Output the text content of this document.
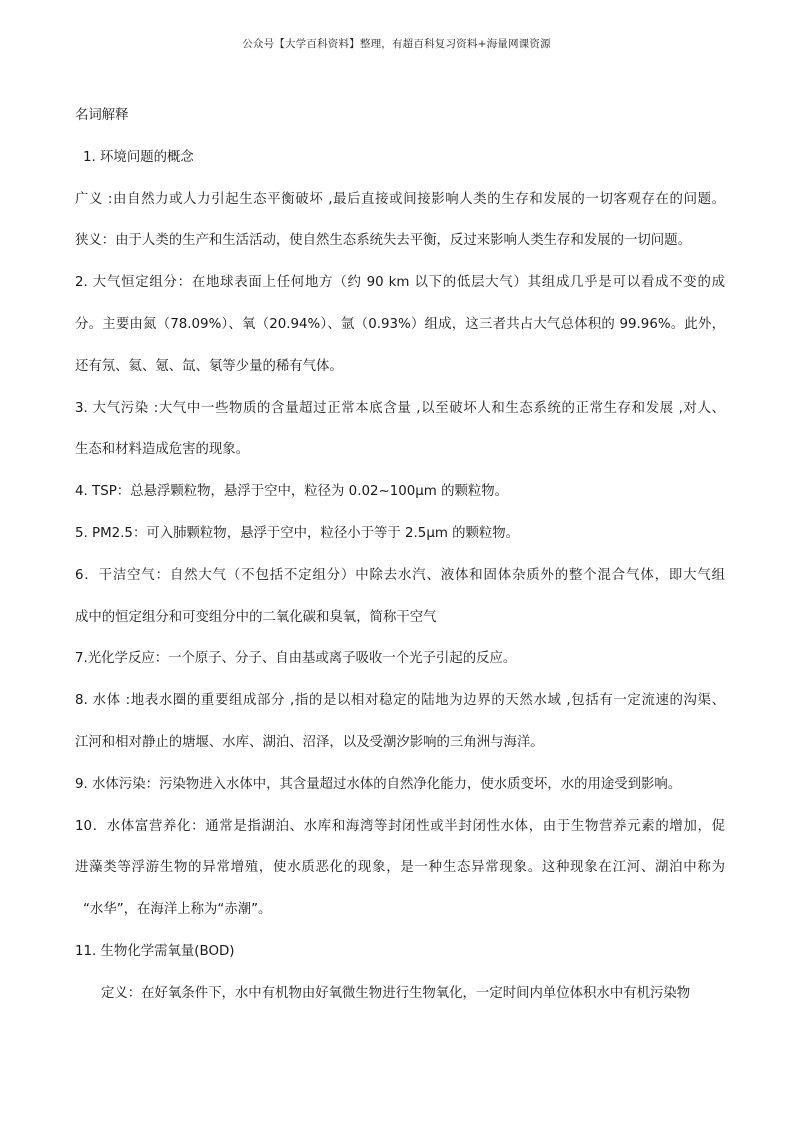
公众号【大学百科资料】整理，有超百科复习资料+海量网课资源

名词解释

1. 环境问题的概念

广义 :由自然力或人力引起生态平衡破坏 ,最后直接或间接影响人类的生存和发展的一切客观存在的问题。

狭义：由于人类的生产和生活活动，使自然生态系统失去平衡，反过来影响人类生存和发展的一切问题。

2. 大气恒定组分：在地球表面上任何地方（约 90 km 以下的低层大气）其组成几乎是可以看成不变的成

分。主要由氮（78.09%）、氧（20.94%）、氩（0.93%）组成，这三者共占大气总体积的 99.96%。此外，

还有氖、氦、氪、氙、氡等少量的稀有气体。

3. 大气污染 :大气中一些物质的含量超过正常本底含量 ,以至破坏人和生态系统的正常生存和发展 ,对人、

生态和材料造成危害的现象。

4. TSP：总悬浮颗粒物，悬浮于空中，粒径为 0.02~100μm 的颗粒物。

5. PM2.5：可入肺颗粒物，悬浮于空中，粒径小于等于 2.5μm 的颗粒物。

6．干洁空气：自然大气（不包括不定组分）中除去水汽、液体和固体杂质外的整个混合气体，即大气组

成中的恒定组分和可变组分中的二氧化碳和臭氧，简称干空气

7.光化学反应：一个原子、分子、自由基或离子吸收一个光子引起的反应。

8. 水体 :地表水圈的重要组成部分 ,指的是以相对稳定的陆地为边界的天然水域 ,包括有一定流速的沟渠、

江河和相对静止的塘堰、水库、湖泊、沼泽，以及受潮汐影响的三角洲与海洋。

9. 水体污染：污染物进入水体中，其含量超过水体的自然净化能力，使水质变坏，水的用途受到影响。

10．水体富营养化：通常是指湖泊、水库和海湾等封闭性或半封闭性水体，由于生物营养元素的增加，促

进藻类等浮游生物的异常增殖，使水质恶化的现象，是一种生态异常现象。这种现象在江河、湖泊中称为

“水华”，在海洋上称为“赤潮”。

11. 生物化学需氧量(BOD)

定义：在好氧条件下，水中有机物由好氧微生物进行生物氧化，一定时间内单位体积水中有机污染物
